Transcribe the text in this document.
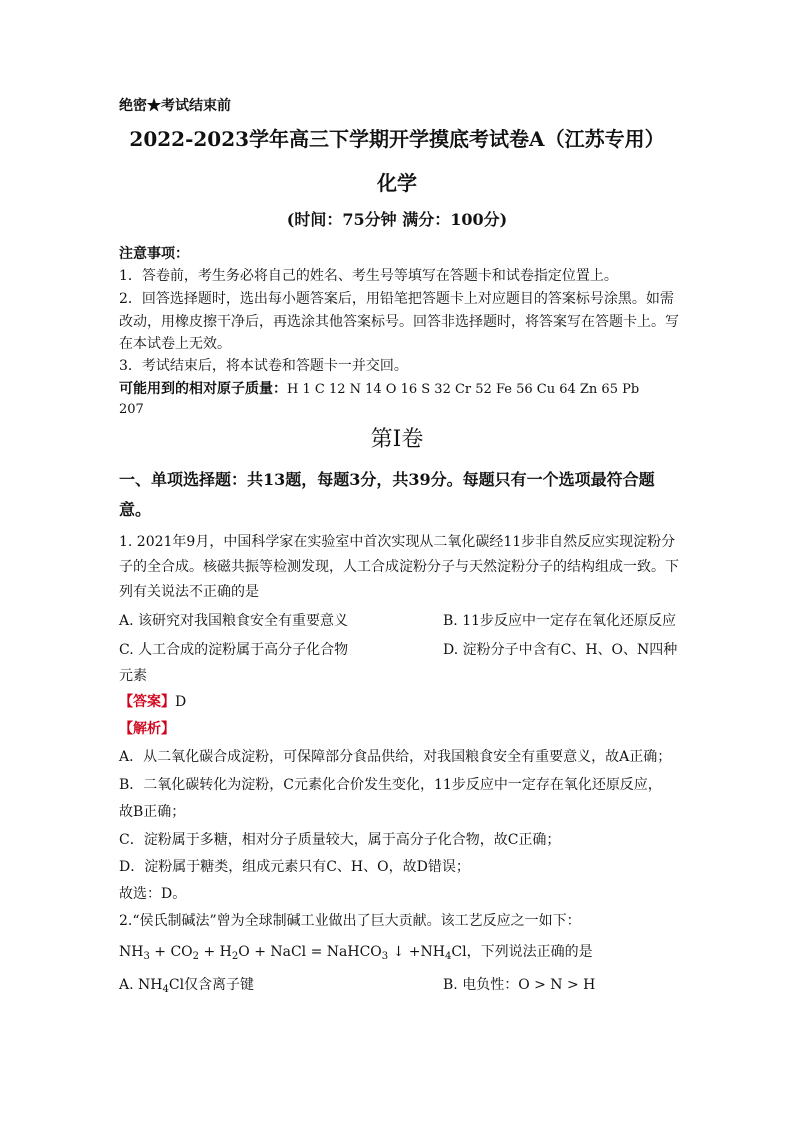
绝密★考试结束前
2022-2023学年高三下学期开学摸底考试卷A（江苏专用）
化学
(时间：75分钟 满分：100分)
注意事项：
1．答卷前，考生务必将自己的姓名、考生号等填写在答题卡和试卷指定位置上。
2．回答选择题时，选出每小题答案后，用铅笔把答题卡上对应题目的答案标号涂黑。如需
改动，用橡皮擦干净后，再选涂其他答案标号。回答非选择题时，将答案写在答题卡上。写
在本试卷上无效。
3．考试结束后，将本试卷和答题卡一并交回。
可能用到的相对原子质量：H 1 C 12 N 14 O 16 S 32 Cr 52 Fe 56 Cu 64 Zn 65 Pb
207
第Ⅰ卷
一、单项选择题：共13题，每题3分，共39分。每题只有一个选项最符合题
意。
1. 2021年9月，中国科学家在实验室中首次实现从二氧化碳经11步非自然反应实现淀粉分
子的全合成。核磁共振等检测发现，人工合成淀粉分子与天然淀粉分子的结构组成一致。下
列有关说法不正确的是
A. 该研究对我国粮食安全有重要意义	B. 11步反应中一定存在氧化还原反应
C. 人工合成的淀粉属于高分子化合物	D. 淀粉分子中含有C、H、O、N四种
元素
【答案】D
【解析】
A．从二氧化碳合成淀粉，可保障部分食品供给，对我国粮食安全有重要意义，故A正确；
B．二氧化碳转化为淀粉，C元素化合价发生变化，11步反应中一定存在氧化还原反应，
故B正确；
C．淀粉属于多糖，相对分子质量较大，属于高分子化合物，故C正确；
D．淀粉属于糖类，组成元素只有C、H、O，故D错误；
故选：D。
2.“侯氏制碱法”曾为全球制碱工业做出了巨大贡献。该工艺反应之一如下：
$NH_3 + CO_2 + H_2O$ + NaCl = NaHCO$_3$ ↓ $+NH_4Cl$，下列说法正确的是
A. $NH_4Cl$仅含离子键	B. 电负性：O > N > H
